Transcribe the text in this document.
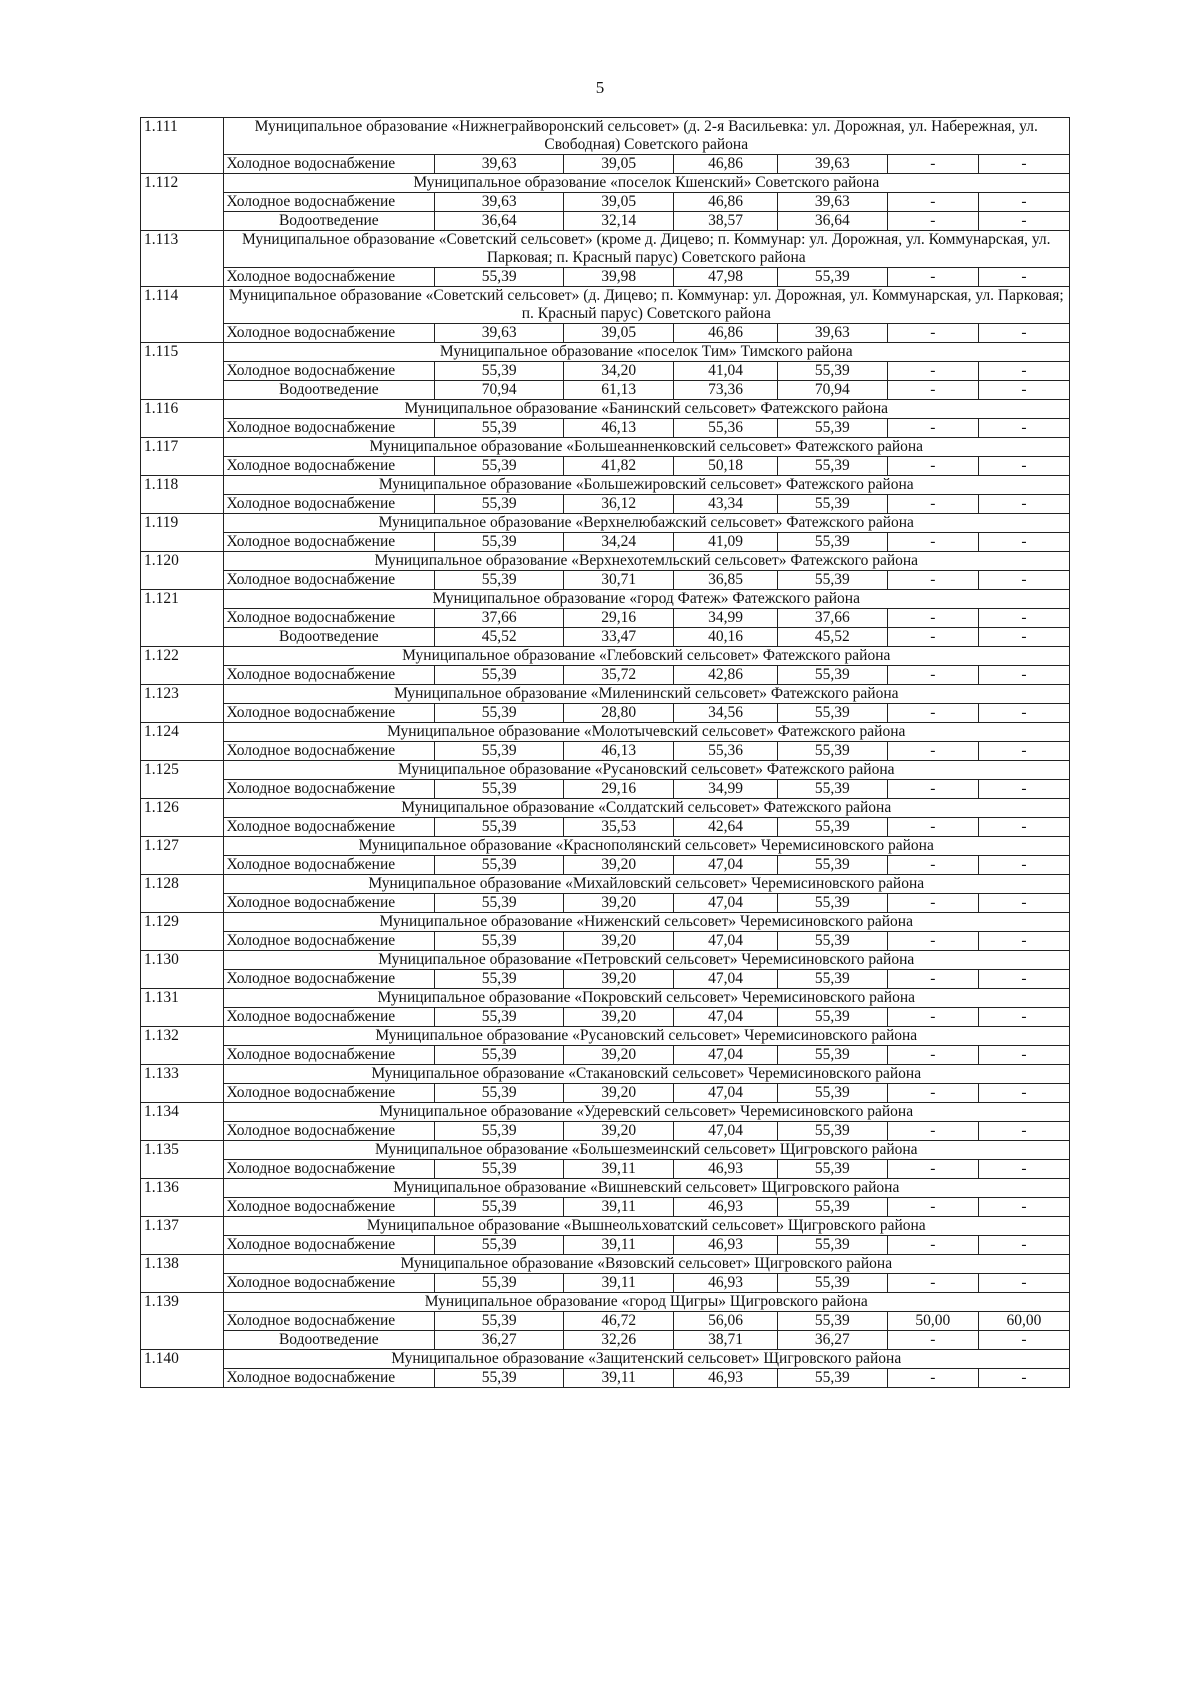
5
1.111	Муниципальное образование «Нижнеграйворонский сельсовет» (д. 2-я Васильевка: ул. Дорожная, ул. Набережная, ул. Свободная) Советского района						
	Холодное водоснабжение	39,63	39,05	46,86	39,63	-	-
1.112	Муниципальное образование «поселок Кшенский» Советского района						
	Холодное водоснабжение	39,63	39,05	46,86	39,63	-	-
	Водоотведение	36,64	32,14	38,57	36,64	-	-
1.113	Муниципальное образование «Советский сельсовет» (кроме д. Дицево; п. Коммунар: ул. Дорожная, ул. Коммунарская, ул. Парковая; п. Красный парус) Советского района						
	Холодное водоснабжение	55,39	39,98	47,98	55,39	-	-
1.114	Муниципальное образование «Советский сельсовет» (д. Дицево; п. Коммунар: ул. Дорожная, ул. Коммунарская, ул. Парковая; п. Красный парус) Советского района						
	Холодное водоснабжение	39,63	39,05	46,86	39,63	-	-
1.115	Муниципальное образование «поселок Тим» Тимского района						
	Холодное водоснабжение	55,39	34,20	41,04	55,39	-	-
	Водоотведение	70,94	61,13	73,36	70,94	-	-
1.116	Муниципальное образование «Банинский сельсовет» Фатежского района						
	Холодное водоснабжение	55,39	46,13	55,36	55,39	-	-
1.117	Муниципальное образование «Большеанненковский сельсовет» Фатежского района						
	Холодное водоснабжение	55,39	41,82	50,18	55,39	-	-
1.118	Муниципальное образование «Большежировский сельсовет» Фатежского района						
	Холодное водоснабжение	55,39	36,12	43,34	55,39	-	-
1.119	Муниципальное образование «Верхнелюбажский сельсовет» Фатежского района						
	Холодное водоснабжение	55,39	34,24	41,09	55,39	-	-
1.120	Муниципальное образование «Верхнехотемльский сельсовет» Фатежского района						
	Холодное водоснабжение	55,39	30,71	36,85	55,39	-	-
1.121	Муниципальное образование «город Фатеж» Фатежского района						
	Холодное водоснабжение	37,66	29,16	34,99	37,66	-	-
	Водоотведение	45,52	33,47	40,16	45,52	-	-
1.122	Муниципальное образование «Глебовский сельсовет» Фатежского района						
	Холодное водоснабжение	55,39	35,72	42,86	55,39	-	-
1.123	Муниципальное образование «Миленинский сельсовет» Фатежского района						
	Холодное водоснабжение	55,39	28,80	34,56	55,39	-	-
1.124	Муниципальное образование «Молотычевский сельсовет» Фатежского района						
	Холодное водоснабжение	55,39	46,13	55,36	55,39	-	-
1.125	Муниципальное образование «Русановский сельсовет» Фатежского района						
	Холодное водоснабжение	55,39	29,16	34,99	55,39	-	-
1.126	Муниципальное образование «Солдатский сельсовет» Фатежского района						
	Холодное водоснабжение	55,39	35,53	42,64	55,39	-	-
1.127	Муниципальное образование «Краснополянский сельсовет» Черемисиновского района						
	Холодное водоснабжение	55,39	39,20	47,04	55,39	-	-
1.128	Муниципальное образование «Михайловский сельсовет» Черемисиновского района						
	Холодное водоснабжение	55,39	39,20	47,04	55,39	-	-
1.129	Муниципальное образование «Ниженский сельсовет» Черемисиновского района						
	Холодное водоснабжение	55,39	39,20	47,04	55,39	-	-
1.130	Муниципальное образование «Петровский сельсовет» Черемисиновского района						
	Холодное водоснабжение	55,39	39,20	47,04	55,39	-	-
1.131	Муниципальное образование «Покровский сельсовет» Черемисиновского района						
	Холодное водоснабжение	55,39	39,20	47,04	55,39	-	-
1.132	Муниципальное образование «Русановский сельсовет» Черемисиновского района						
	Холодное водоснабжение	55,39	39,20	47,04	55,39	-	-
1.133	Муниципальное образование «Стакановский сельсовет» Черемисиновского района						
	Холодное водоснабжение	55,39	39,20	47,04	55,39	-	-
1.134	Муниципальное образование «Удеревский сельсовет» Черемисиновского района						
	Холодное водоснабжение	55,39	39,20	47,04	55,39	-	-
1.135	Муниципальное образование «Большезмеинский сельсовет» Щигровского района						
	Холодное водоснабжение	55,39	39,11	46,93	55,39	-	-
1.136	Муниципальное образование «Вишневский сельсовет» Щигровского района						
	Холодное водоснабжение	55,39	39,11	46,93	55,39	-	-
1.137	Муниципальное образование «Вышнеольховатский сельсовет» Щигровского района						
	Холодное водоснабжение	55,39	39,11	46,93	55,39	-	-
1.138	Муниципальное образование «Вязовский сельсовет» Щигровского района						
	Холодное водоснабжение	55,39	39,11	46,93	55,39	-	-
1.139	Муниципальное образование «город Щигры» Щигровского района						
	Холодное водоснабжение	55,39	46,72	56,06	55,39	50,00	60,00
	Водоотведение	36,27	32,26	38,71	36,27	-	-
1.140	Муниципальное образование «Защитенский сельсовет» Щигровского района						
	Холодное водоснабжение	55,39	39,11	46,93	55,39	-	-
